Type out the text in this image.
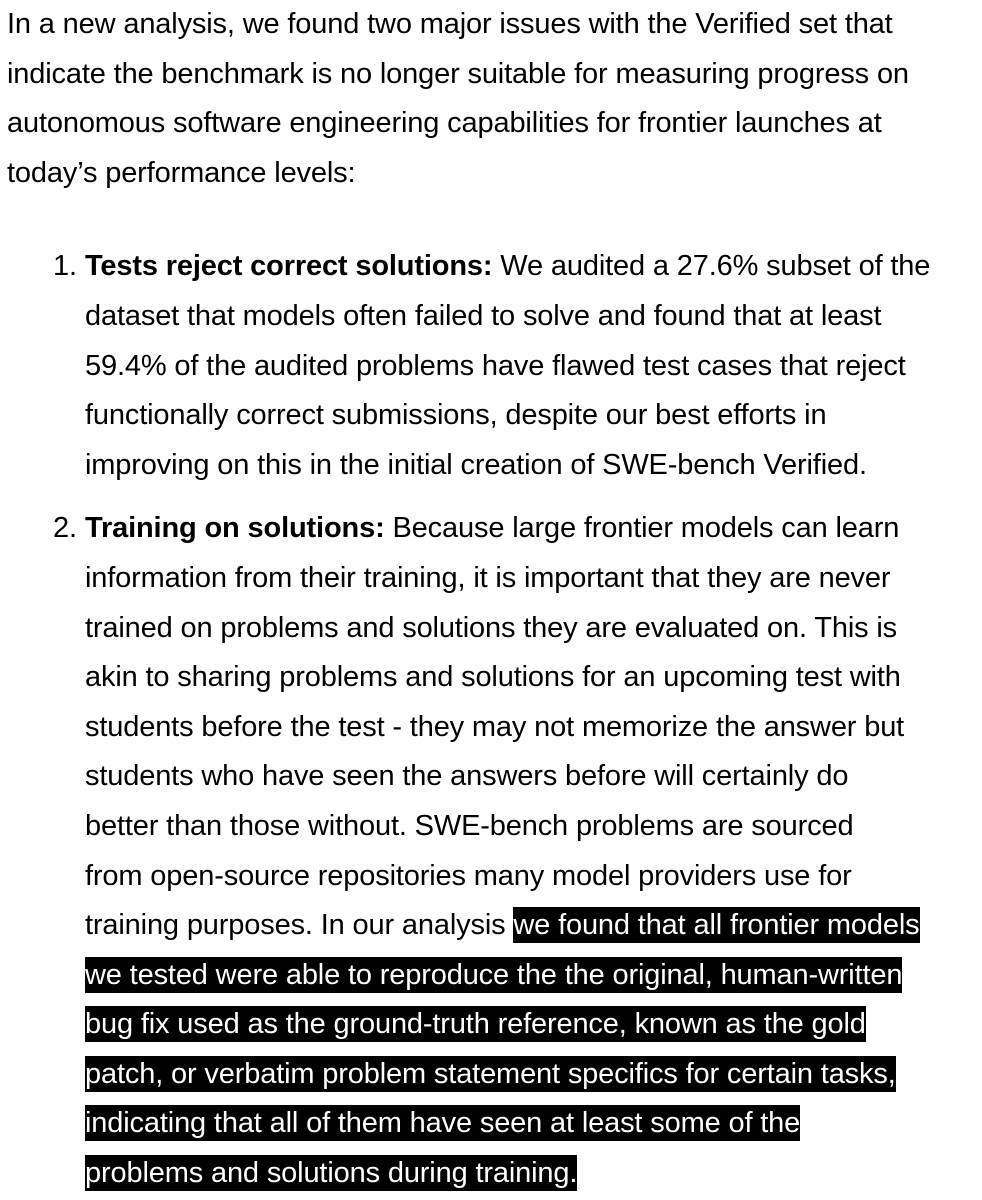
In a new analysis, we found two major issues with the Verified set that
indicate the benchmark is no longer suitable for measuring progress on
autonomous software engineering capabilities for frontier launches at
today’s performance levels:

1. Tests reject correct solutions: We audited a 27.6% subset of the
dataset that models often failed to solve and found that at least
59.4% of the audited problems have flawed test cases that reject
functionally correct submissions, despite our best efforts in
improving on this in the initial creation of SWE-bench Verified.
2. Training on solutions: Because large frontier models can learn
information from their training, it is important that they are never
trained on problems and solutions they are evaluated on. This is
akin to sharing problems and solutions for an upcoming test with
students before the test - they may not memorize the answer but
students who have seen the answers before will certainly do
better than those without. SWE-bench problems are sourced
from open-source repositories many model providers use for
training purposes. In our analysis we found that all frontier models
we tested were able to reproduce the the original, human-written
bug fix used as the ground-truth reference, known as the gold
patch, or verbatim problem statement specifics for certain tasks,
indicating that all of them have seen at least some of the
problems and solutions during training.
